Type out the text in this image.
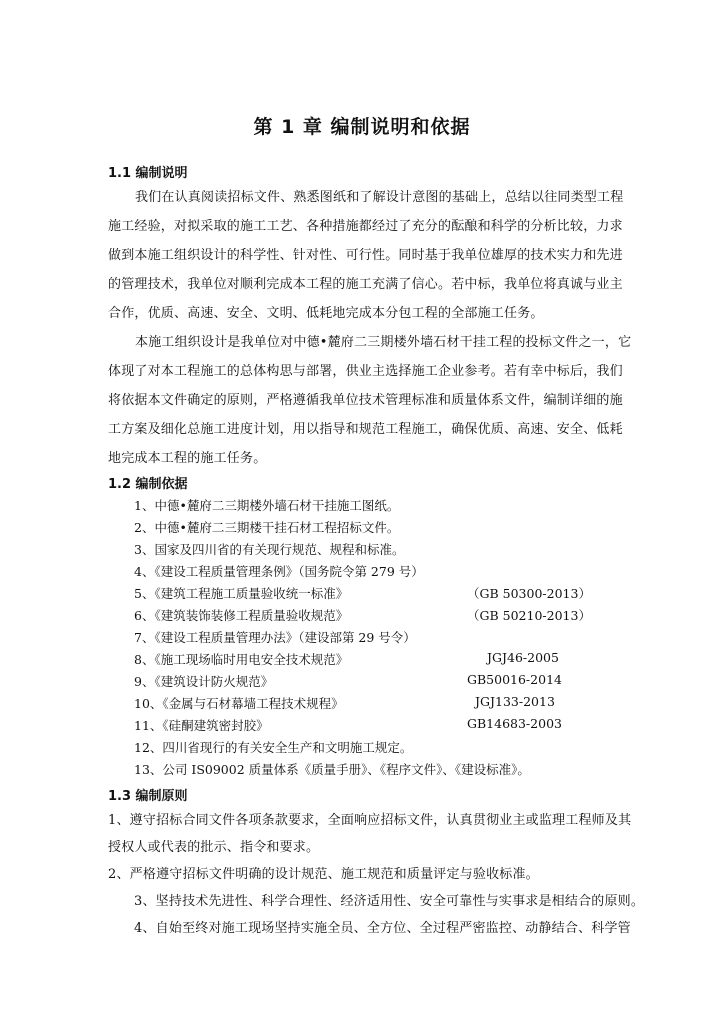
第 1 章 编制说明和依据
1.1 编制说明
我们在认真阅读招标文件、熟悉图纸和了解设计意图的基础上，总结以往同类型工程
施工经验，对拟采取的施工工艺、各种措施都经过了充分的酝酿和科学的分析比较，力求
做到本施工组织设计的科学性、针对性、可行性。同时基于我单位雄厚的技术实力和先进
的管理技术，我单位对顺利完成本工程的施工充满了信心。若中标，我单位将真诚与业主
合作，优质、高速、安全、文明、低耗地完成本分包工程的全部施工任务。
本施工组织设计是我单位对中德•麓府二三期楼外墙石材干挂工程的投标文件之一，它
体现了对本工程施工的总体构思与部署，供业主选择施工企业参考。若有幸中标后，我们
将依据本文件确定的原则，严格遵循我单位技术管理标准和质量体系文件，编制详细的施
工方案及细化总施工进度计划，用以指导和规范工程施工，确保优质、高速、安全、低耗
地完成本工程的施工任务。
1.2 编制依据
1、中德•麓府二三期楼外墙石材干挂施工图纸。
2、中德•麓府二三期楼干挂石材工程招标文件。
3、国家及四川省的有关现行规范、规程和标准。
4、《建设工程质量管理条例》（国务院令第 279 号）
5、《建筑工程施工质量验收统一标准》	（GB 50300-2013）
6、《建筑装饰装修工程质量验收规范》	（GB 50210-2013）
7、《建设工程质量管理办法》（建设部第 29 号令）
8、《施工现场临时用电安全技术规范》	JGJ46-2005
9、《建筑设计防火规范》	GB50016-2014
10、《金属与石材幕墙工程技术规程》	JGJ133-2013
11、《硅酮建筑密封胶》	GB14683-2003
12、四川省现行的有关安全生产和文明施工规定。
13、公司 IS09002 质量体系《质量手册》、《程序文件》、《建设标准》。
1.3 编制原则
1、遵守招标合同文件各项条款要求，全面响应招标文件，认真贯彻业主或监理工程师及其
授权人或代表的批示、指令和要求。
2、严格遵守招标文件明确的设计规范、施工规范和质量评定与验收标准。
3、坚持技术先进性、科学合理性、经济适用性、安全可靠性与实事求是相结合的原则。
4、自始至终对施工现场坚持实施全员、全方位、全过程严密监控、动静结合、科学管
